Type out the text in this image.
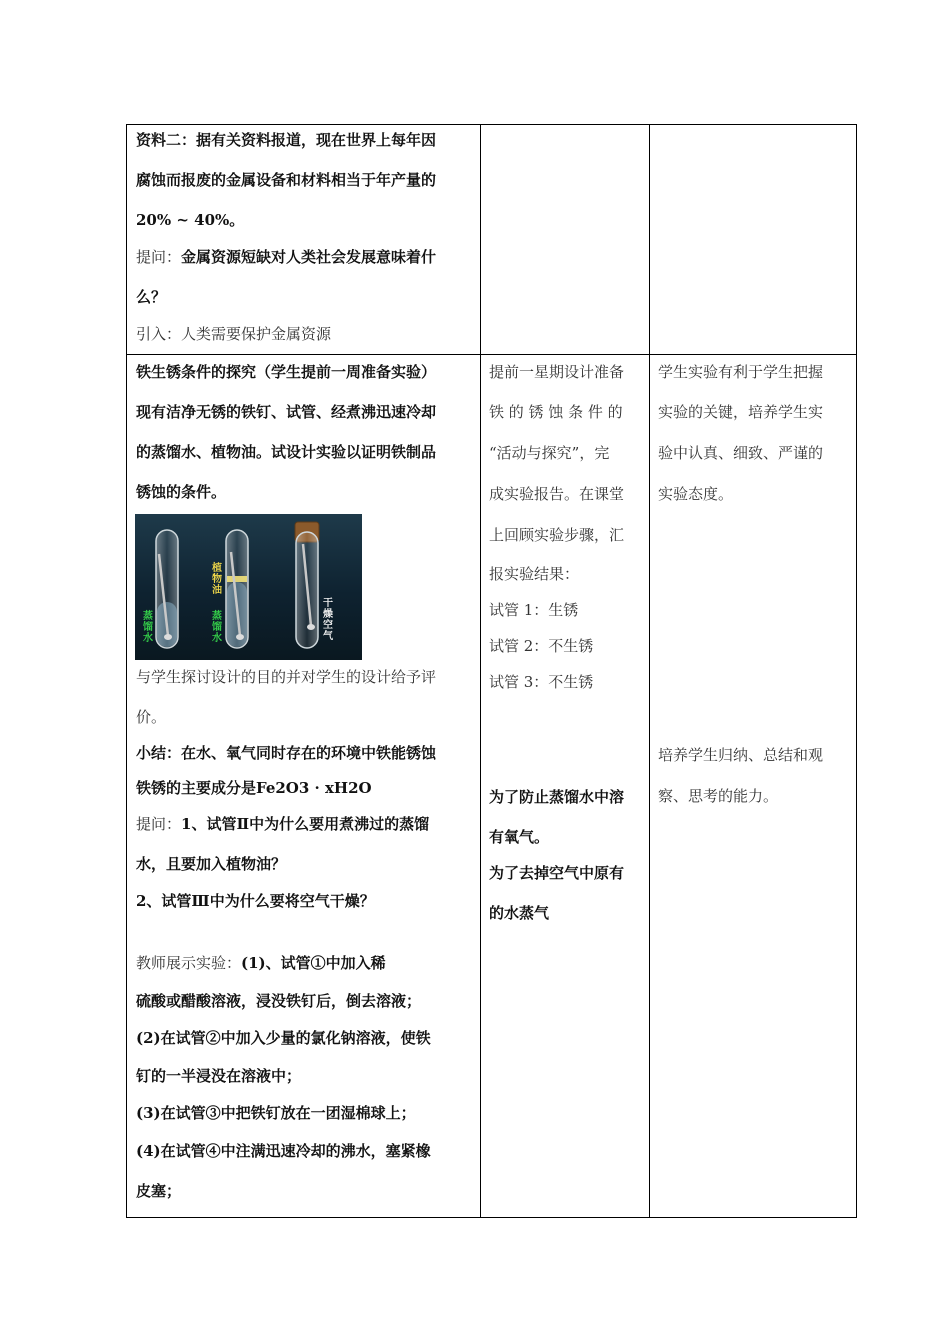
资料二：据有关资料报道，现在世界上每年因
腐蚀而报废的金属设备和材料相当于年产量的
20% ~ 40%。
提问：金属资源短缺对人类社会发展意味着什
么？
引入：人类需要保护金属资源
铁生锈条件的探究（学生提前一周准备实验）
现有洁净无锈的铁钉、试管、经煮沸迅速冷却
的蒸馏水、植物油。试设计实验以证明铁制品
锈蚀的条件。
蒸馏水
植物油
蒸馏水
干燥空气
与学生探讨设计的目的并对学生的设计给予评
价。
小结：在水、氧气同时存在的环境中铁能锈蚀
铁锈的主要成分是Fe2O3 · xH2O
提问：1、试管Ⅱ中为什么要用煮沸过的蒸馏
水，且要加入植物油？
2、试管Ⅲ中为什么要将空气干燥？
教师展示实验：(1)、试管①中加入稀
硫酸或醋酸溶液，浸没铁钉后，倒去溶液；
(2)在试管②中加入少量的氯化钠溶液，使铁
钉的一半浸没在溶液中；
(3)在试管③中把铁钉放在一团湿棉球上；
(4)在试管④中注满迅速冷却的沸水，塞紧橡
皮塞；
提前一星期设计准备
铁 的 锈 蚀 条 件 的
“活动与探究”，完
成实验报告。在课堂
上回顾实验步骤，汇
报实验结果：
试管 1：生锈
试管 2：不生锈
试管 3：不生锈
为了防止蒸馏水中溶
有氧气。
为了去掉空气中原有
的水蒸气
学生实验有利于学生把握
实验的关键，培养学生实
验中认真、细致、严谨的
实验态度。
培养学生归纳、总结和观
察、思考的能力。
